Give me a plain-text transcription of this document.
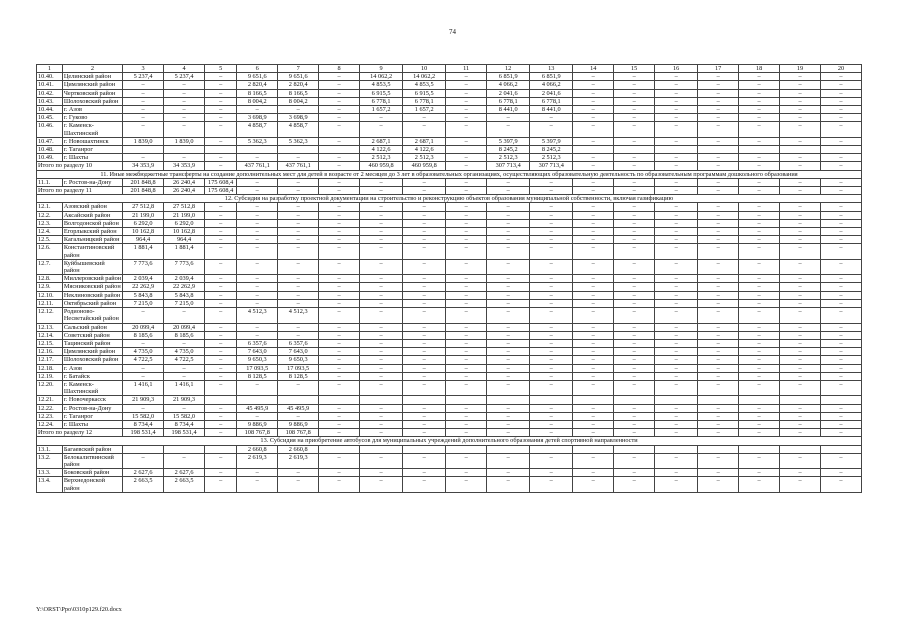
74
1	2	3	4	5	6	7	8	9	10	11	12	13	14	15	16	17	18	19	20
10.40.	Целинский район	5 237,4	5 237,4	–	9 651,6	9 651,6	–	14 062,2	14 062,2	–	6 851,9	6 851,9	–	–	–	–	–	–	–
10.41.	Цимлянский район	–	–	–	2 820,4	2 820,4	–	4 853,5	4 853,5	–	4 066,2	4 066,2	–	–	–	–	–	–	–
10.42.	Чертковский район	–	–	–	8 166,5	8 166,5	–	6 915,5	6 915,5	–	2 041,6	2 041,6	–	–	–	–	–	–	–
10.43.	Шолоховский район	–	–	–	8 004,2	8 004,2	–	6 778,1	6 778,1	–	6 778,1	6 778,1	–	–	–	–	–	–	–
10.44.	г. Азов	–	–	–	–	–	–	1 657,2	1 657,2	–	8 441,0	8 441,0	–	–	–	–	–	–	–
10.45.	г. Гуково	–	–	–	3 698,9	3 698,9	–	–	–	–	–	–	–	–	–	–	–	–	–
10.46.	г. Каменск-Шахтинский	–	–	–	4 858,7	4 858,7	–	–	–	–	–	–	–	–	–	–	–	–	–
10.47.	г. Новошахтинск	1 839,0	1 839,0	–	5 362,3	5 362,3	–	2 687,1	2 687,1	–	5 397,9	5 397,9	–	–	–	–	–	–	–
10.48.	г. Таганрог							4 122,6	4 122,6		8 245,2	8 245,2							
10.49.	г. Шахты	–	–	–	–	–	–	2 512,3	2 512,3	–	2 512,3	2 512,3	–	–	–	–	–	–	–
Итого по разделу 10		34 353,9	34 353,9	–	437 761,1	437 761,1	–	460 959,8	460 959,8	–	307 713,4	307 713,4	–	–	–	–	–	–	–
11. Иные межбюджетные трансферты на создание дополнительных мест для детей в возрасте от 2 месяцев до 3 лет в образовательных организациях, осуществляющих образовательную деятельность по образовательным программам дошкольного образования																			
11.1.	г. Ростов-на-Дону	201 848,8	26 240,4	175 608,4	–	–	–	–	–	–	–	–	–	–	–	–	–	–	–
Итого по разделу 11		201 848,8	26 240,4	175 608,4	–	–	–	–	–	–	–	–	–	–	–	–	–	–	–
12. Субсидия на разработку проектной документации на строительство и реконструкцию объектов образования муниципальной собственности, включая газификацию																			
12.1.	Азовский район	27 512,8	27 512,8	–	–	–	–	–	–	–	–	–	–	–	–	–	–	–	–
12.2.	Аксайский район	21 199,0	21 199,0	–	–	–	–	–	–	–	–	–	–	–	–	–	–	–	–
12.3.	Волгодонской район	6 292,0	6 292,0	–	–	–	–	–	–	–	–	–	–	–	–	–	–	–	–
12.4.	Егорлыкский район	10 162,8	10 162,8	–	–	–	–	–	–	–	–	–	–	–	–	–	–	–	–
12.5.	Кагальницкий район	964,4	964,4	–	–	–	–	–	–	–	–	–	–	–	–	–	–	–	–
12.6.	Константиновский район	1 881,4	1 881,4	–	–	–	–	–	–	–	–	–	–	–	–	–	–	–	–
12.7.	Куйбышевский район	7 773,6	7 773,6	–	–	–	–	–	–	–	–	–	–	–	–	–	–	–	–
12.8.	Миллеровский район	2 039,4	2 039,4	–	–	–	–	–	–	–	–	–	–	–	–	–	–	–	–
12.9.	Мясниковский район	22 262,9	22 262,9	–	–	–	–	–	–	–	–	–	–	–	–	–	–	–	–
12.10.	Неклиновский район	5 843,8	5 843,8	–	–	–	–	–	–	–	–	–	–	–	–	–	–	–	–
12.11.	Октябрьский район	7 215,0	7 215,0	–	–	–	–	–	–	–	–	–	–	–	–	–	–	–	–
12.12.	Родионово-Несветайский район	–	–	–	4 512,3	4 512,3	–	–	–	–	–	–	–	–	–	–	–	–	–
12.13.	Сальский район	20 099,4	20 099,4	–	–	–	–	–	–	–	–	–	–	–	–	–	–	–	–
12.14.	Советский район	8 185,6	8 185,6	–	–	–	–	–	–	–	–	–	–	–	–	–	–	–	–
12.15.	Тацинский район	–	–	–	6 357,6	6 357,6	–	–	–	–	–	–	–	–	–	–	–	–	–
12.16.	Цимлянский район	4 735,0	4 735,0	–	7 643,0	7 643,0	–	–	–	–	–	–	–	–	–	–	–	–	–
12.17.	Шолоховский район	4 722,5	4 722,5	–	9 650,3	9 650,3	–	–	–	–	–	–	–	–	–	–	–	–	–
12.18.	г. Азов	–	–	–	17 093,5	17 093,5	–	–	–	–	–	–	–	–	–	–	–	–	–
12.19.	г. Батайск	–	–	–	8 128,5	8 128,5	–	–	–	–	–	–	–	–	–	–	–	–	–
12.20.	г. Каменск-Шахтинский	1 416,1	1 416,1	–	–	–	–	–	–	–	–	–	–	–	–	–	–	–	–
12.21.	г. Новочеркасск	21 909,3	21 909,3																
12.22.	г. Ростов-на-Дону	–	–	–	45 495,9	45 495,9	–	–	–	–	–	–	–	–	–	–	–	–	–
12.23.	г. Таганрог	15 582,0	15 582,0	–	–	–	–	–	–	–	–	–	–	–	–	–	–	–	–
12.24.	г. Шахты	8 734,4	8 734,4	–	9 886,9	9 886,9	–	–	–	–	–	–	–	–	–	–	–	–	–
Итого по разделу 12		198 531,4	198 531,4	–	108 767,8	108 767,8	–	–	–	–	–	–	–	–	–	–	–	–	–
13. Субсидия на приобретение автобусов для муниципальных учреждений дополнительного образования детей спортивной направленности																			
13.1.	Багаевский район				2 660,8	2 660,8													
13.2.	Белокалитвинский район	–	–	–	2 619,3	2 619,3	–	–	–	–	–	–	–	–	–	–	–	–	–
13.3.	Боковский район	2 627,6	2 627,6	–	–	–	–	–	–	–	–	–	–	–	–	–	–	–	–
13.4.	Верхнедонской район	2 663,5	2 663,5	–	–	–	–	–	–	–	–	–	–	–	–	–	–	–	–
Y:\ORST\Ppo\0310p129.f20.docx
